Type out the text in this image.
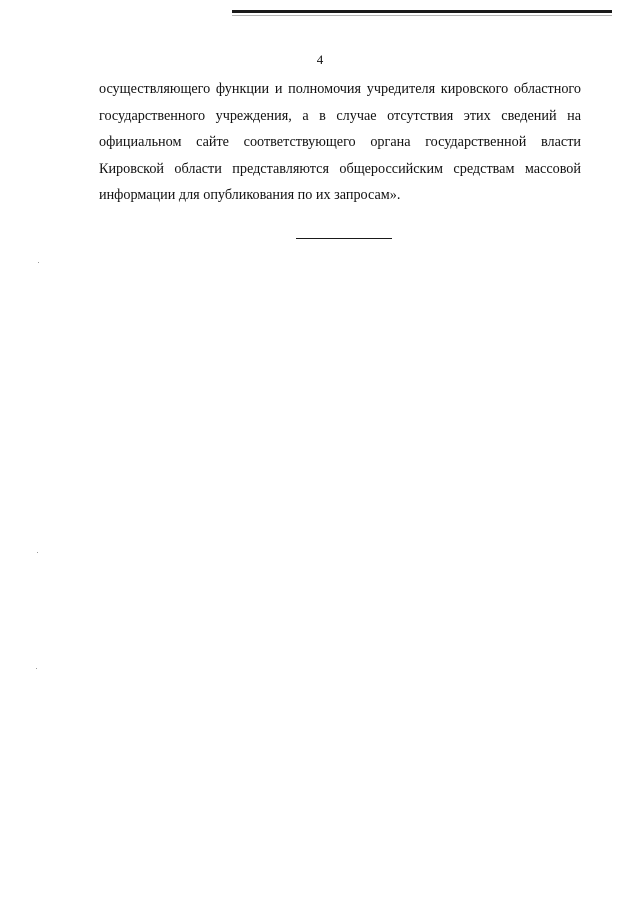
4
осуществляющего функции и полномочия учредителя кировского областного
государственного учреждения, а в случае отсутствия этих сведений на
официальном сайте соответствующего органа государственной власти
Кировской области представляются общероссийским средствам массовой
информации для опубликования по их запросам».
